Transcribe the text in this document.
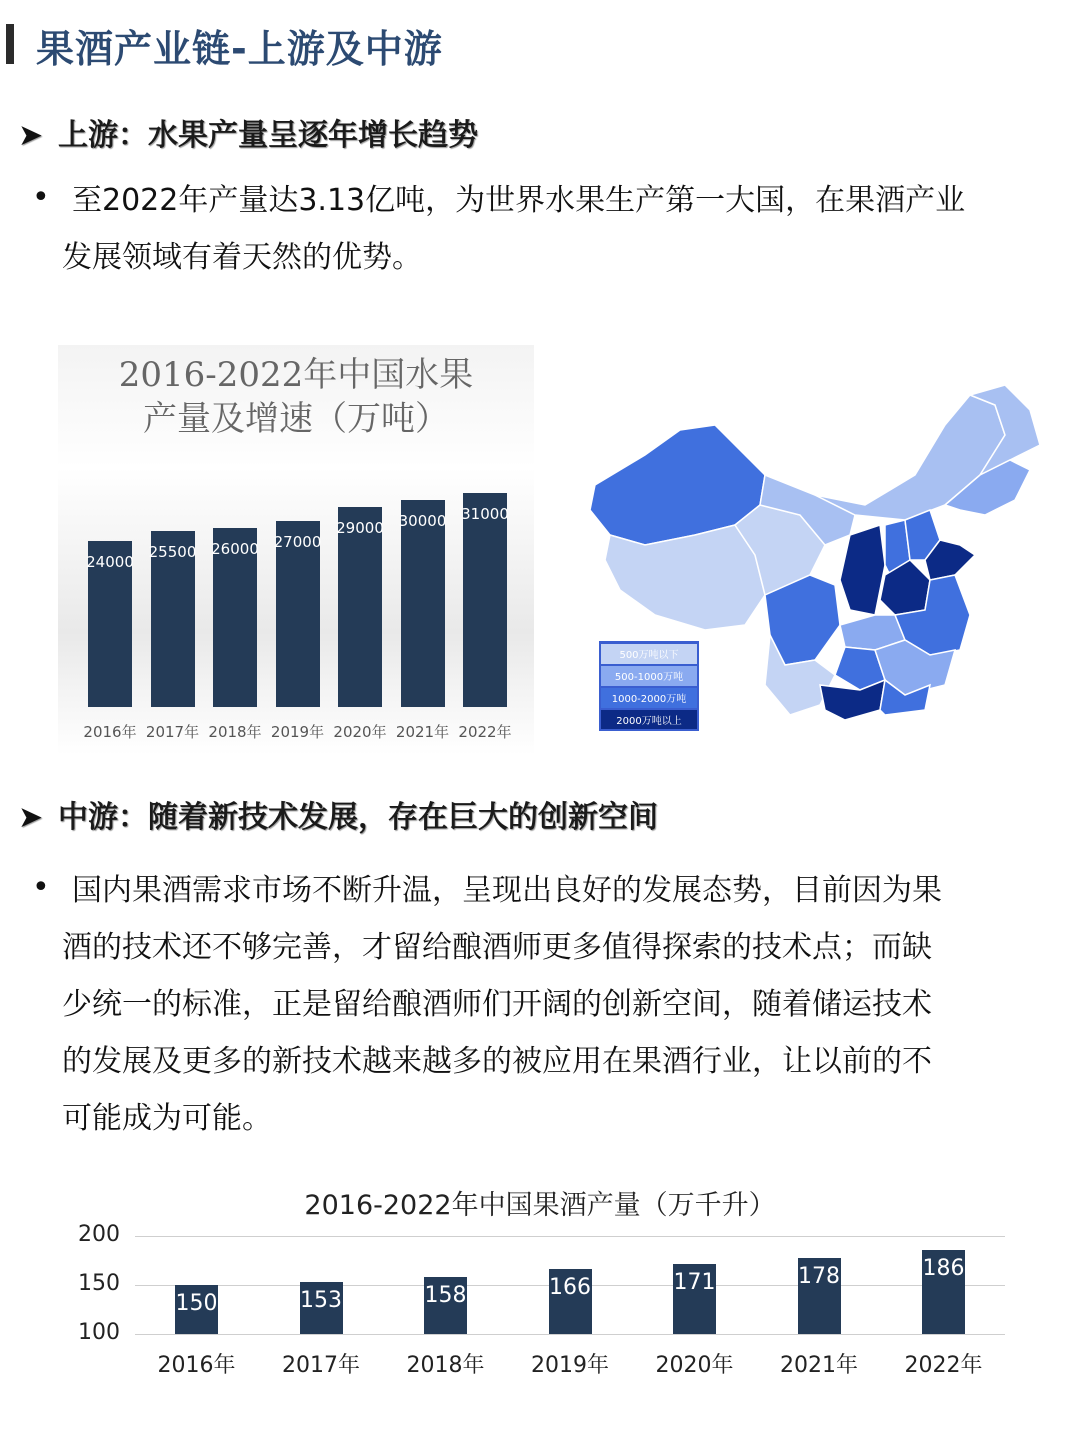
果酒产业链-上游及中游
➤ 上游：水果产量呈逐年增长趋势
• 至2022年产量达3.13亿吨，为世界水果生产第一大国，在果酒产业
发展领域有着天然的优势。
2016-2022年中国水果
产量及增速（万吨）
24000
2016年
25500
2017年
26000
2018年
27000
2019年
29000
2020年
30000
2021年
31000
2022年
500万吨以下
500-1000万吨
1000-2000万吨
2000万吨以上
➤ 中游：随着新技术发展，存在巨大的创新空间
• 国内果酒需求市场不断升温，呈现出良好的发展态势，目前因为果
酒的技术还不够完善，才留给酿酒师更多值得探索的技术点；而缺
少统一的标准，正是留给酿酒师们开阔的创新空间，随着储运技术
的发展及更多的新技术越来越多的被应用在果酒行业，让以前的不
可能成为可能。
2016-2022年中国果酒产量（万千升）
200
150
100
150
2016年
153
2017年
158
2018年
166
2019年
171
2020年
178
2021年
186
2022年
